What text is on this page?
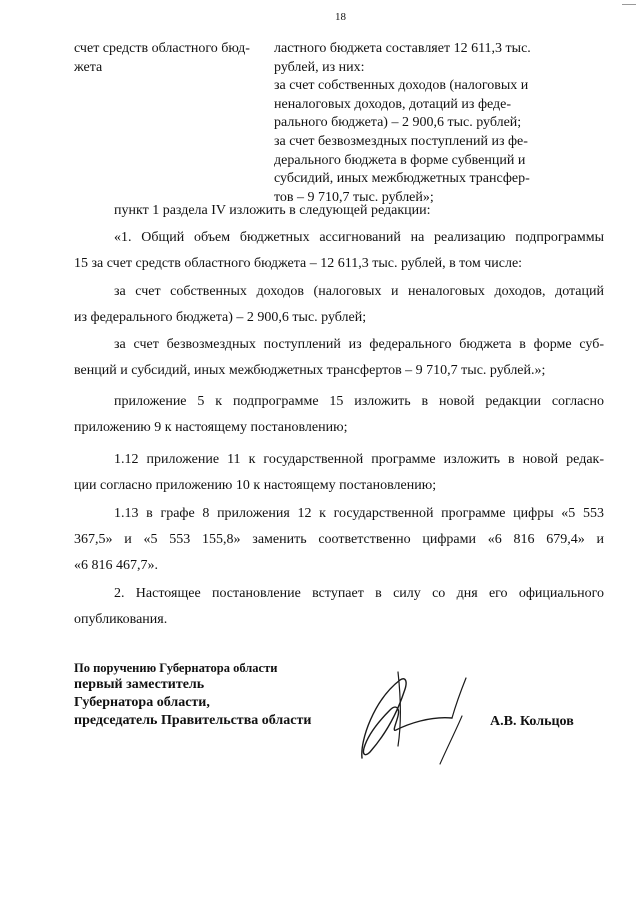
18
счет средств областного бюд-
жета
ластного бюджета составляет 12 611,3 тыс.
рублей, из них:
за счет собственных доходов (налоговых и
неналоговых доходов, дотаций из феде-
рального бюджета) – 2 900,6 тыс. рублей;
за счет безвозмездных поступлений из фе-
дерального бюджета в форме субвенций и
субсидий, иных межбюджетных трансфер-
тов – 9 710,7 тыс. рублей»;
пункт 1 раздела IV изложить в следующей редакции:
«1. Общий объем бюджетных ассигнований на реализацию подпрограммы
15 за счет средств областного бюджета – 12 611,3 тыс. рублей, в том числе:
за счет собственных доходов (налоговых и неналоговых доходов, дотаций
из федерального бюджета) – 2 900,6 тыс. рублей;
за счет безвозмездных поступлений из федерального бюджета в форме суб-
венций и субсидий, иных межбюджетных трансфертов – 9 710,7 тыс. рублей.»;
приложение 5 к подпрограмме 15 изложить в новой редакции согласно
приложению 9 к настоящему постановлению;
1.12 приложение 11 к государственной программе изложить в новой редак-
ции согласно приложению 10 к настоящему постановлению;
1.13 в графе 8 приложения 12 к государственной программе цифры «5 553
367,5» и «5 553 155,8» заменить соответственно цифрами «6 816 679,4» и
«6 816 467,7».
2. Настоящее постановление вступает в силу со дня его официального
опубликования.
По поручению Губернатора области
первый заместитель
Губернатора области,
председатель Правительства области	А.В. Кольцов
